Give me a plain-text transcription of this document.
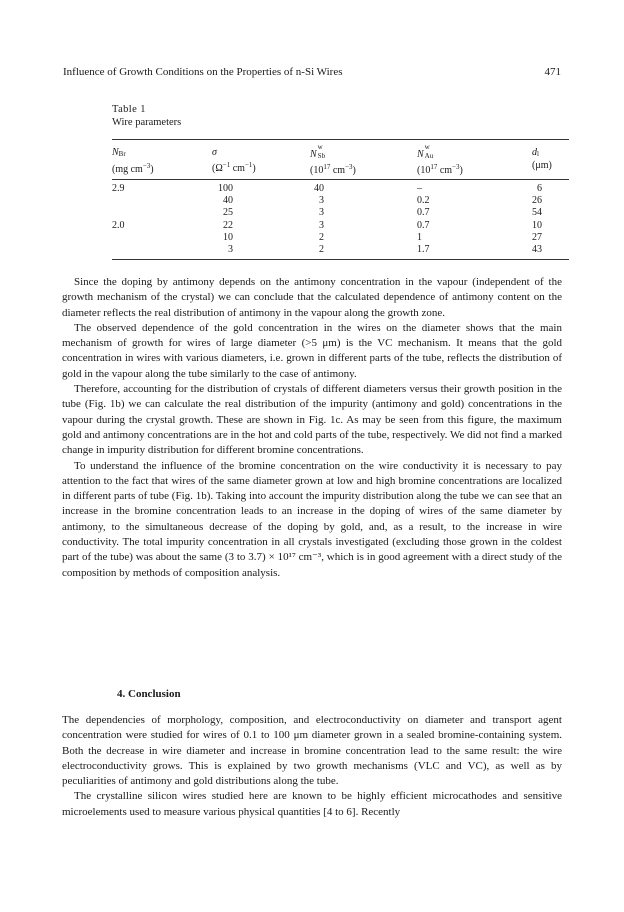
Influence of Growth Conditions on the Properties of n-Si Wires	471
Table 1
Wire parameters
NBr
(mg $cm^{-3}$)
σ
($\Omega^{-1}$ $cm^{-1}$)
N
w
Sb
($10^{17}$ $cm^{-3}$)
N
w
Au
($10^{17}$ $cm^{-3}$)
dl
(μm)
2.9
2.0
100
40
25
22
10
3
40
3
3
3
2
2
–
0.2
0.7
0.7
1
1.7
6
26
54
10
27
43

Since the doping by antimony depends on the antimony concentration in the vapour (independent of the growth mechanism of the crystal) we can conclude that the calculated dependence of antimony content on the diameter reflects the real distribution of antimony in the vapour along the growth zone.

The observed dependence of the gold concentration in the wires on the diameter shows that the main mechanism of growth for wires of large diameter (>5 μm) is the VC mechanism. It means that the gold concentration in wires with various diameters, i.e. grown in different parts of the tube, reflects the distribution of gold in the vapour along the tube similarly to the case of antimony.

Therefore, accounting for the distribution of crystals of different diameters versus their growth position in the tube (Fig. 1b) we can calculate the real distribution of the impurity (antimony and gold) concentrations in the vapour during the crystal growth. These are shown in Fig. 1c. As may be seen from this figure, the maximum gold and antimony concentrations are in the hot and cold parts of the tube, respectively. We did not find a marked change in impurity distribution for different bromine concentrations.

To understand the influence of the bromine concentration on the wire conductivity it is necessary to pay attention to the fact that wires of the same diameter grown at low and high bromine concentrations are localized in different parts of tube (Fig. 1b). Taking into account the impurity distribution along the tube we can see that an increase in the bromine concentration leads to an increase in the doping of wires of the same diameter by antimony, to the simultaneous decrease of the doping by gold, and, as a result, to the increase in wire conductivity. The total impurity concentration in all crystals investigated (excluding those grown in the coldest part of the tube) was about the same (3 to 3.7) × 10¹⁷ cm⁻³, which is in good agreement with a direct study of the composition by methods of composition analysis.

4. Conclusion

The dependencies of morphology, composition, and electroconductivity on diameter and transport agent concentration were studied for wires of 0.1 to 100 μm diameter grown in a sealed bromine-containing system. Both the decrease in wire diameter and increase in bromine concentration lead to the same result: the wire electroconductivity grows. This is explained by two growth mechanisms (VLC and VC), as well as by peculiarities of antimony and gold distributions along the tube.

The crystalline silicon wires studied here are known to be highly efficient microcathodes and sensitive microelements used to measure various physical quantities [4 to 6]. Recently
